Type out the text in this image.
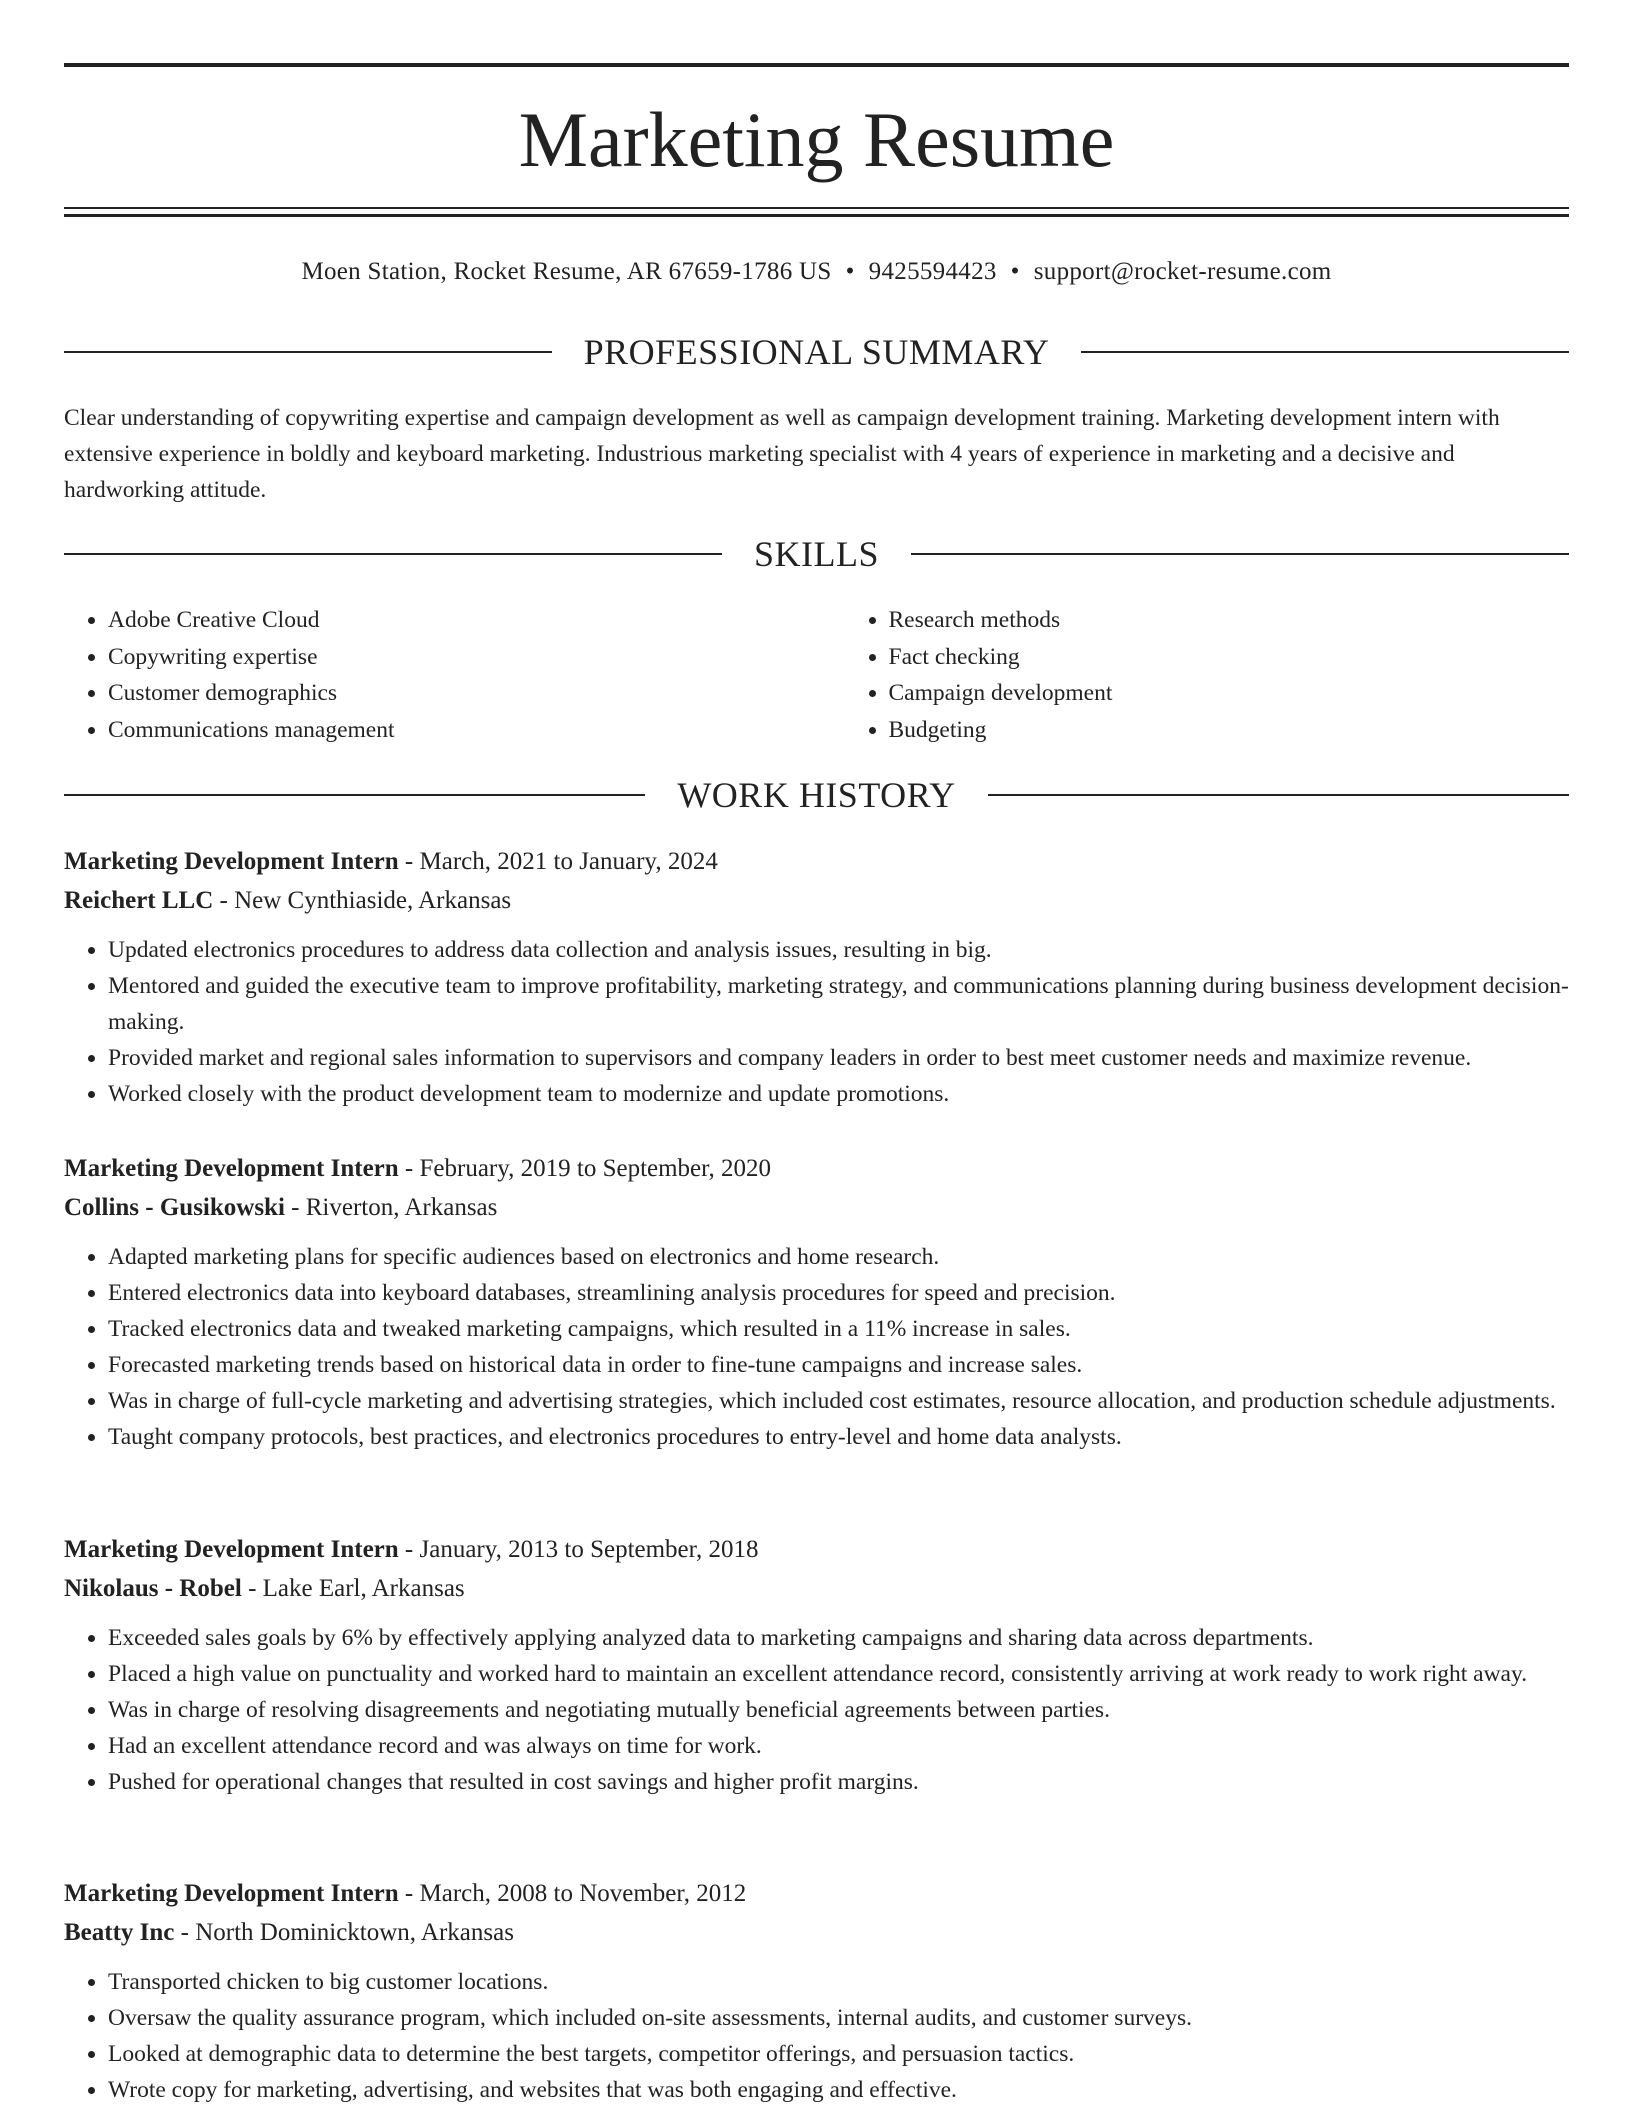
Marketing Resume
Moen Station, Rocket Resume, AR 67659-1786 US • 9425594423 • support@rocket-resume.com
PROFESSIONAL SUMMARY

Clear understanding of copywriting expertise and campaign development as well as campaign development training. Marketing development intern with extensive experience in boldly and keyboard marketing. Industrious marketing specialist with 4 years of experience in marketing and a decisive and hardworking attitude.

SKILLS
• Adobe Creative Cloud
• Copywriting expertise
• Customer demographics
• Communications management
• Research methods
• Fact checking
• Campaign development
• Budgeting
WORK HISTORY
Marketing Development Intern - March, 2021 to January, 2024
Reichert LLC - New Cynthiaside, Arkansas
• Updated electronics procedures to address data collection and analysis issues, resulting in big.
• Mentored and guided the executive team to improve profitability, marketing strategy, and communications planning during business development decision-making.
• Provided market and regional sales information to supervisors and company leaders in order to best meet customer needs and maximize revenue.
• Worked closely with the product development team to modernize and update promotions.
Marketing Development Intern - February, 2019 to September, 2020
Collins - Gusikowski - Riverton, Arkansas
• Adapted marketing plans for specific audiences based on electronics and home research.
• Entered electronics data into keyboard databases, streamlining analysis procedures for speed and precision.
• Tracked electronics data and tweaked marketing campaigns, which resulted in a 11% increase in sales.
• Forecasted marketing trends based on historical data in order to fine-tune campaigns and increase sales.
• Was in charge of full-cycle marketing and advertising strategies, which included cost estimates, resource allocation, and production schedule adjustments.
• Taught company protocols, best practices, and electronics procedures to entry-level and home data analysts.
Marketing Development Intern - January, 2013 to September, 2018
Nikolaus - Robel - Lake Earl, Arkansas
• Exceeded sales goals by 6% by effectively applying analyzed data to marketing campaigns and sharing data across departments.
• Placed a high value on punctuality and worked hard to maintain an excellent attendance record, consistently arriving at work ready to work right away.
• Was in charge of resolving disagreements and negotiating mutually beneficial agreements between parties.
• Had an excellent attendance record and was always on time for work.
• Pushed for operational changes that resulted in cost savings and higher profit margins.
Marketing Development Intern - March, 2008 to November, 2012
Beatty Inc - North Dominicktown, Arkansas
• Transported chicken to big customer locations.
• Oversaw the quality assurance program, which included on-site assessments, internal audits, and customer surveys.
• Looked at demographic data to determine the best targets, competitor offerings, and persuasion tactics.
• Wrote copy for marketing, advertising, and websites that was both engaging and effective.
